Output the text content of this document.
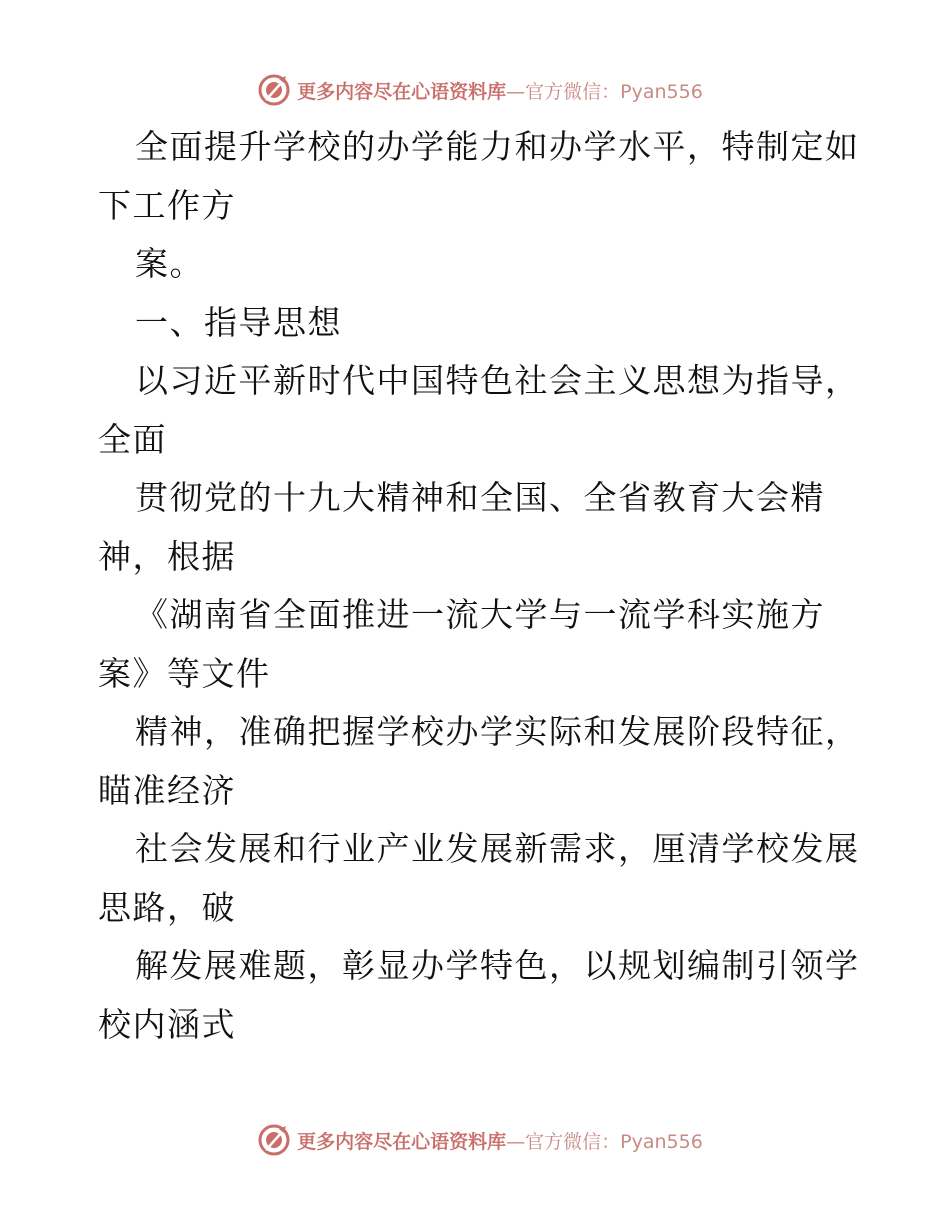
更多内容尽在心语资料库—官方微信：Pyan556
全面提升学校的办学能力和办学水平，特制定如
下工作方
案。
一、指导思想
以习近平新时代中国特色社会主义思想为指导，
全面
贯彻党的十九大精神和全国、全省教育大会精
神，根据
《湖南省全面推进一流大学与一流学科实施方
案》等文件
精神，准确把握学校办学实际和发展阶段特征，
瞄准经济
社会发展和行业产业发展新需求，厘清学校发展
思路，破
解发展难题，彰显办学特色，以规划编制引领学
校内涵式
更多内容尽在心语资料库—官方微信：Pyan556
